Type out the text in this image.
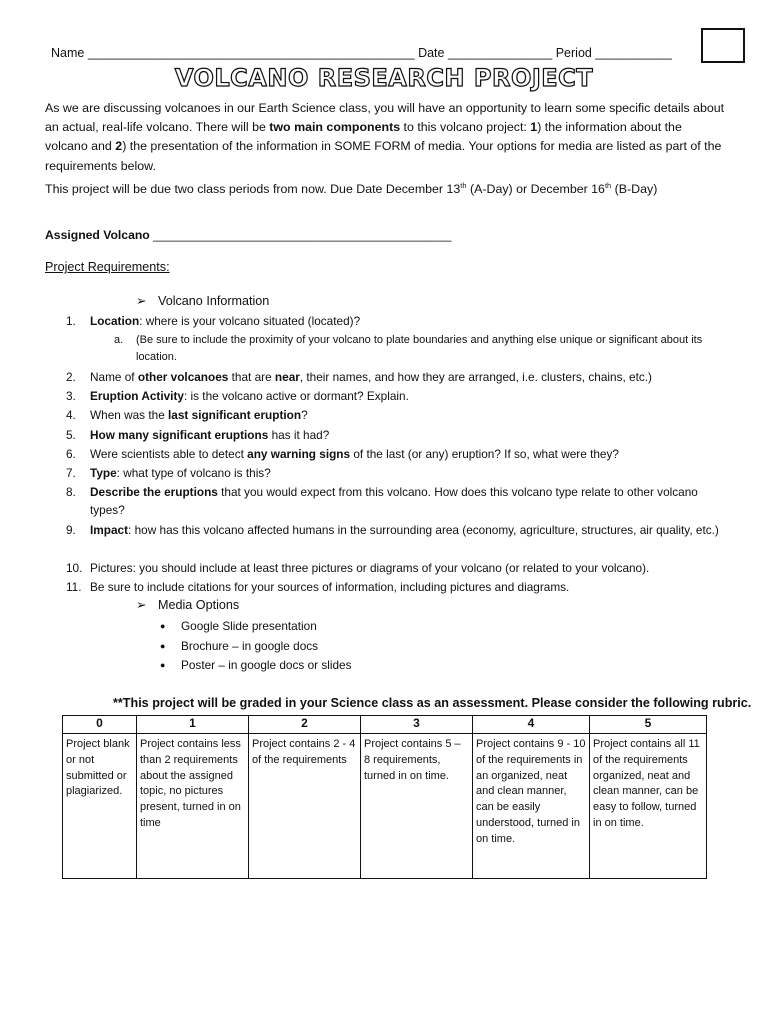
Name _______________________________________________ Date _______________ Period ___________
VOLCANO RESEARCH PROJECT

As we are discussing volcanoes in our Earth Science class, you will have an opportunity to learn some specific details about an actual, real-life volcano. There will be two main components to this volcano project: 1) the information about the volcano and 2) the presentation of the information in SOME FORM of media. Your options for media are listed as part of the requirements below.

This project will be due two class periods from now. Due Date December 13th (A-Day) or December 16th (B-Day)

Assigned Volcano ____________________________________________
Project Requirements:
➢ Volcano Information
1.	Location: where is your volcano situated (located)?
a. (Be sure to include the proximity of your volcano to plate boundaries and anything else unique or significant about its location.
2.	Name of other volcanoes that are near, their names, and how they are arranged, i.e. clusters, chains, etc.)
3.	Eruption Activity: is the volcano active or dormant? Explain.
4.	When was the last significant eruption?
5.	How many significant eruptions has it had?
6.	Were scientists able to detect any warning signs of the last (or any) eruption? If so, what were they?
7.	Type: what type of volcano is this?
8.	Describe the eruptions that you would expect from this volcano. How does this volcano type relate to other volcano types?
9.	Impact: how has this volcano affected humans in the surrounding area (economy, agriculture, structures, air quality, etc.)
10. Pictures: you should include at least three pictures or diagrams of your volcano (or related to your volcano).
11. Be sure to include citations for your sources of information, including pictures and diagrams.
➢ Media Options
● Google Slide presentation
● Brochure – in google docs
● Poster – in google docs or slides
**This project will be graded in your Science class as an assessment. Please consider the following rubric.
0	1	2	3	4	5
Project blank or not submitted or plagiarized.	Project contains less than 2 requirements about the assigned topic, no pictures present, turned in on time	Project contains 2 - 4 of the requirements	Project contains 5 – 8 requirements, turned in on time.	Project contains 9 - 10 of the requirements in an organized, neat and clean manner, can be easily understood, turned in on time.	Project contains all 11 of the requirements organized, neat and clean manner, can be easy to follow, turned in on time.
